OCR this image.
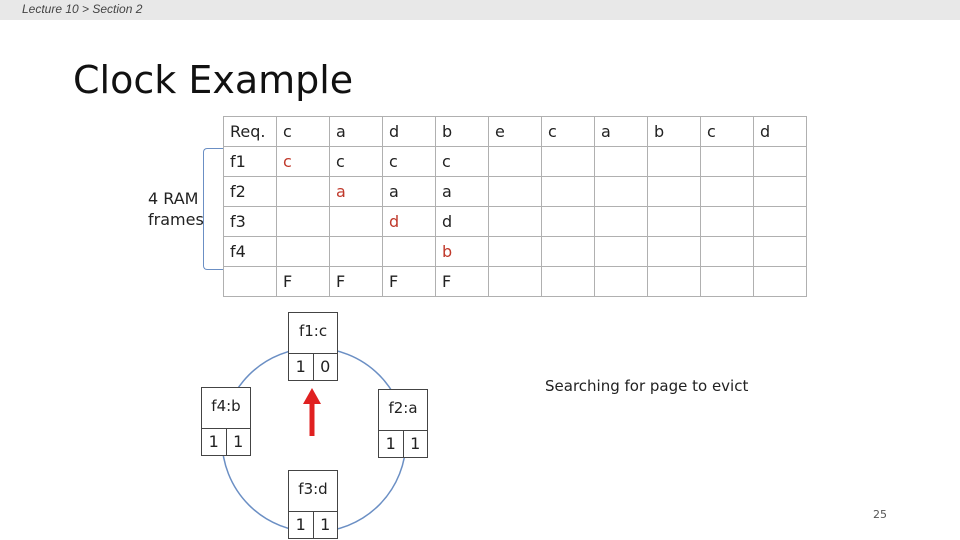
Lecture 10 > Section 2
Clock Example
4 RAM
frames
Req.	c	a	d	b	e	c	a	b	c	d
f1	c	c	c	c						
f2		a	a	a						
f3			d	d						
f4				b						
	F	F	F	F						
f1:c
1 0
f2:a
1 1
f3:d
1 1
f4:b
1 1
Searching for page to evict
25
